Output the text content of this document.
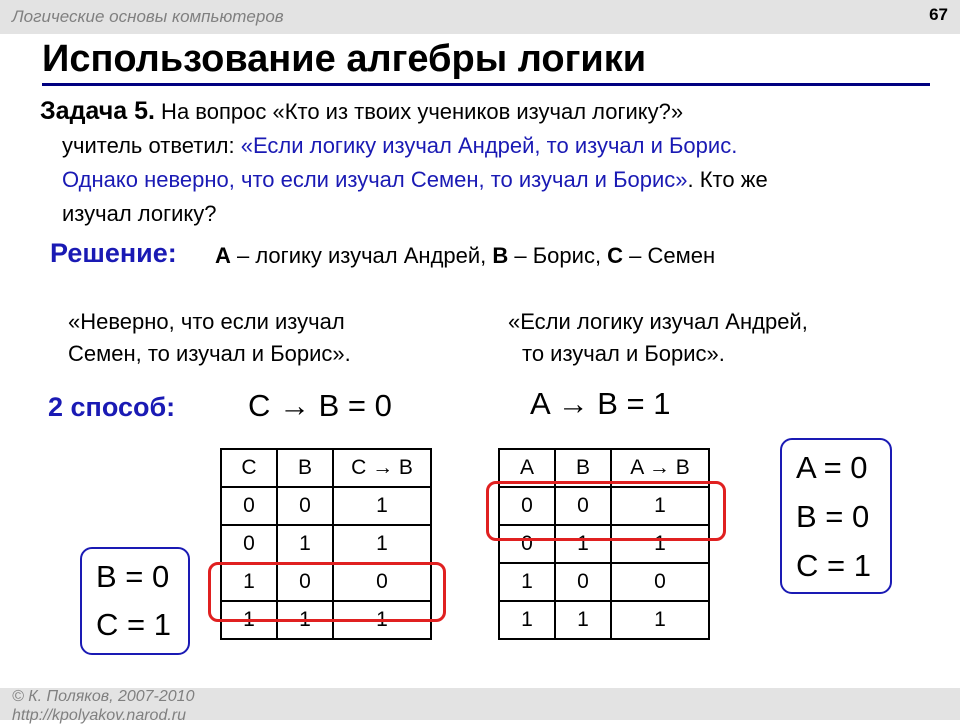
Логические основы компьютеров	67
Использование алгебры логики
Задача 5. На вопрос «Кто из твоих учеников изучал логику?»
учитель ответил: «Если логику изучал Андрей, то изучал и Борис.
Однако неверно, что если изучал Семен, то изучал и Борис». Кто же
изучал логику?
Решение: A – логику изучал Андрей, B – Борис, C – Семен
«Неверно, что если изучал
Семен, то изучал и Борис».
«Если логику изучал Андрей,
то изучал и Борис».
2 способ: C → B = 0	A → B = 1
C	B	C → B
0	0	1
0	1	1
1	0	0
1	1	1
A	B	A → B
0	0	1
0	1	1
1	0	0
1	1	1
B = 0
C = 1
A = 0
B = 0
C = 1
© К. Поляков, 2007-2010
http://kpolyakov.narod.ru
